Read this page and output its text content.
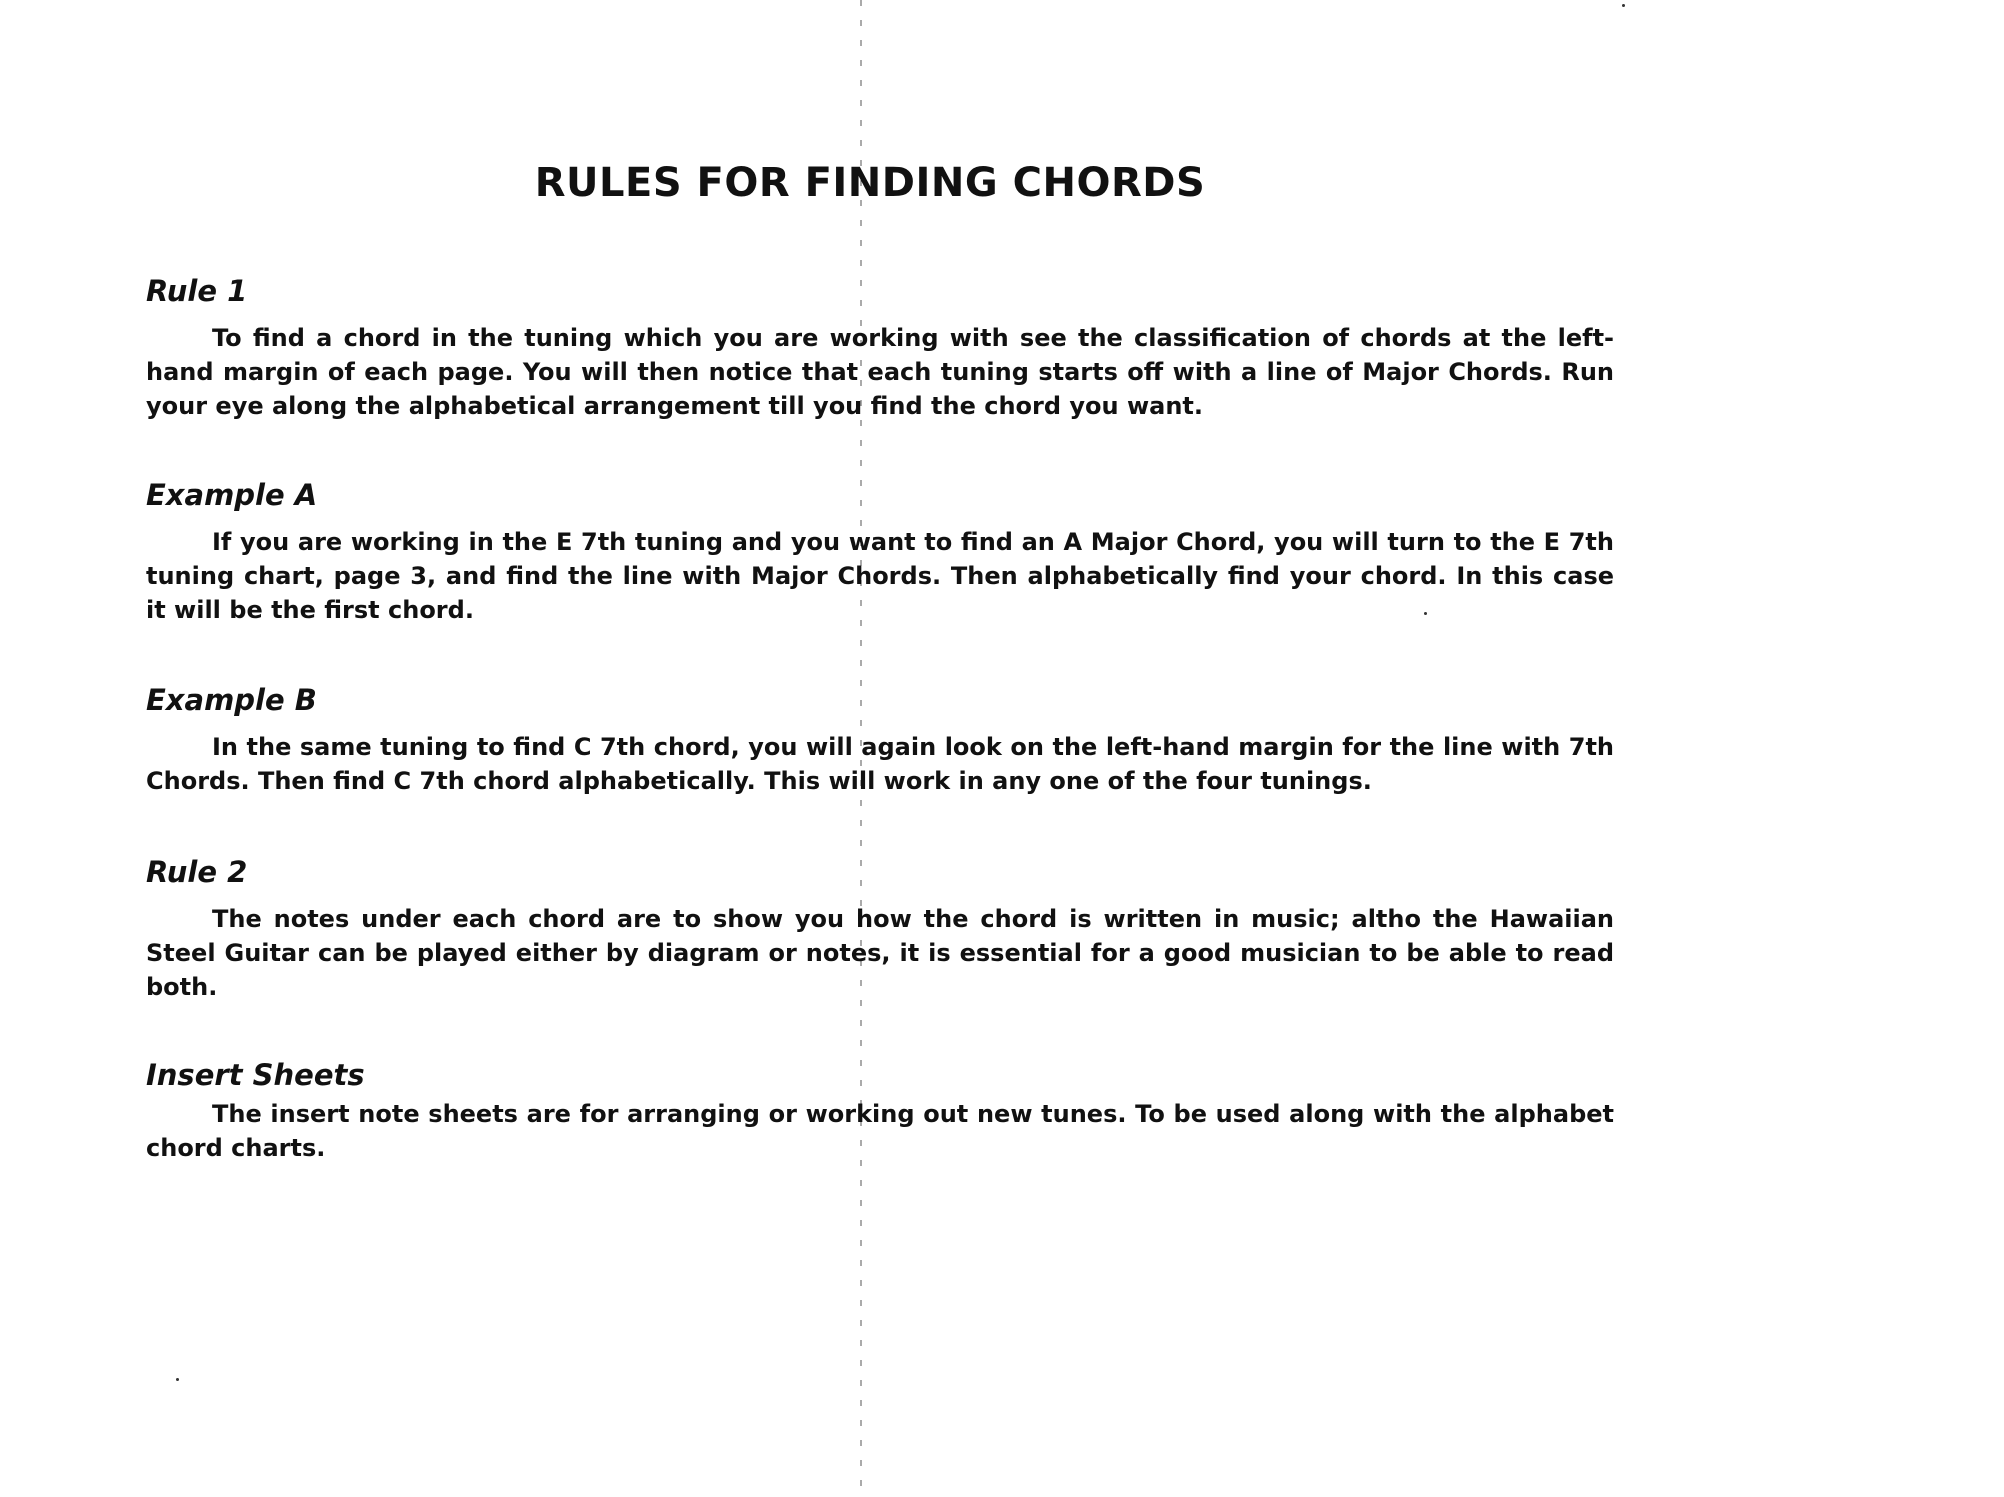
RULES FOR FINDING CHORDS
Rule 1

To find a chord in the tuning which you are working with see the classification of chords at the left-hand margin of each page. You will then notice that each tuning starts off with a line of Major Chords. Run your eye along the alphabetical arrangement till you find the chord you want.

Example A

If you are working in the E 7th tuning and you want to find an A Major Chord, you will turn to the E 7th tuning chart, page 3, and find the line with Major Chords. Then alphabetically find your chord. In this case it will be the first chord.

Example B

In the same tuning to find C 7th chord, you will again look on the left-hand margin for the line with 7th Chords. Then find C 7th chord alphabetically. This will work in any one of the four tunings.

Rule 2

The notes under each chord are to show you how the chord is written in music; altho the Hawaiian Steel Guitar can be played either by diagram or notes, it is essential for a good musician to be able to read both.

Insert Sheets

The insert note sheets are for arranging or working out new tunes. To be used along with the alphabet chord charts.
